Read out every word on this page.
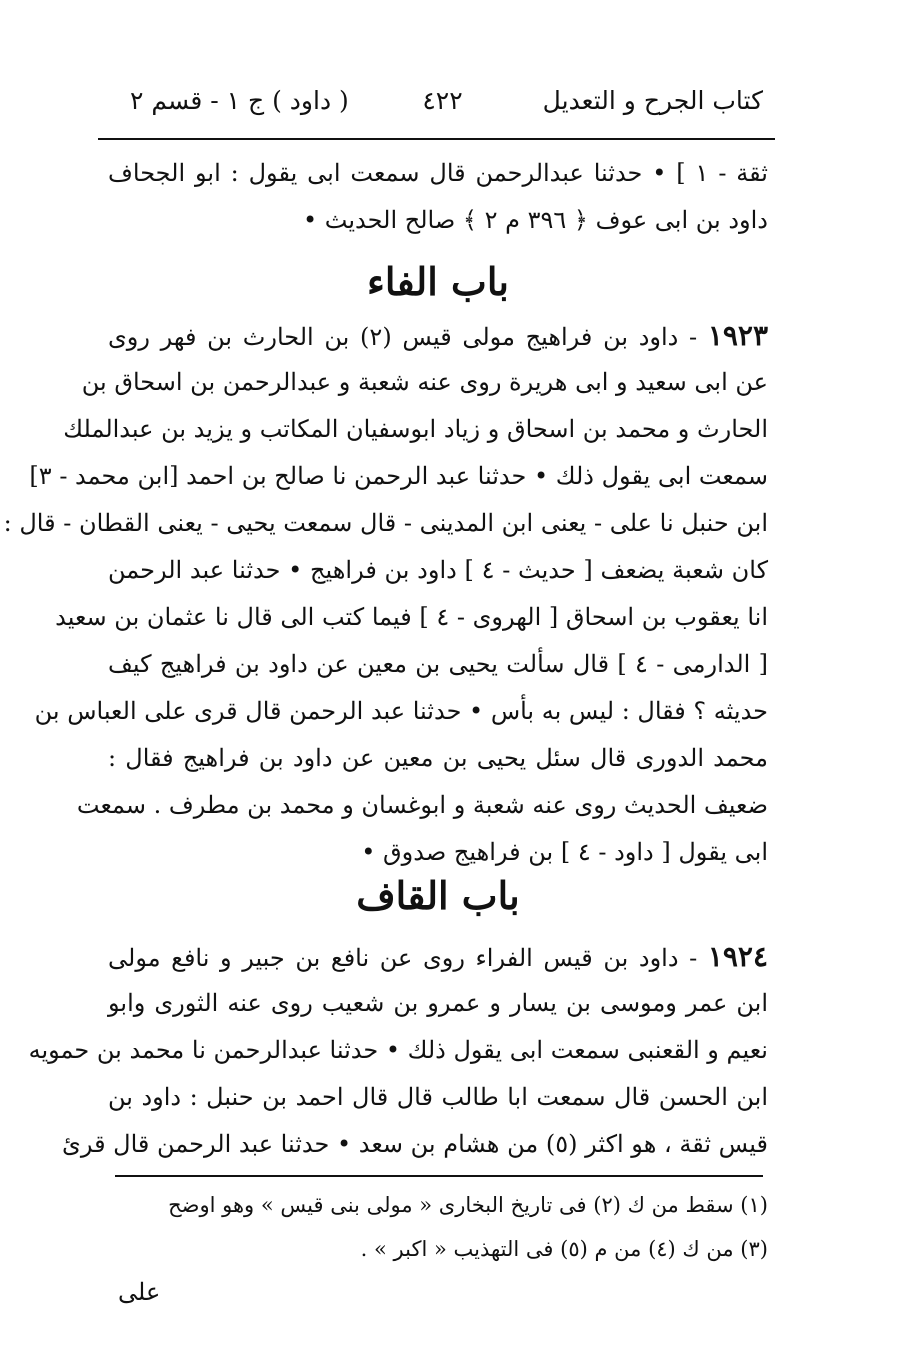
كتاب الجرح و التعديل
٤٢٢
( داود ) ج ١ - قسم ٢
ثقة - ١ ] • حدثنا عبدالرحمن قال سمعت ابى يقول : ابو الجحاف
داود بن ابى عوف ﴿ ٣٩٦ م ٢ ﴾ صالح الحديث •
باب الفاء
١٩٢٣ - داود بن فراهيج مولى قيس (٢) بن الحارث بن فهر روى
عن ابى سعيد و ابى هريرة روى عنه شعبة و عبدالرحمن بن اسحاق بن
الحارث و محمد بن اسحاق و زياد ابوسفيان المكاتب و يزيد بن عبدالملك
سمعت ابى يقول ذلك • حدثنا عبد الرحمن نا صالح بن احمد [ابن محمد - ٣]
ابن حنبل نا على - يعنى ابن المدينى - قال سمعت يحيى - يعنى القطان - قال :
كان شعبة يضعف [ حديث - ٤ ] داود بن فراهيج • حدثنا عبد الرحمن
انا يعقوب بن اسحاق [ الهروى - ٤ ] فيما كتب الى قال نا عثمان بن سعيد
[ الدارمى - ٤ ] قال سألت يحيى بن معين عن داود بن فراهيج كيف
حديثه ؟ فقال : ليس به بأس • حدثنا عبد الرحمن قال قرى على العباس بن
محمد الدورى قال سئل يحيى بن معين عن داود بن فراهيج فقال :
ضعيف الحديث روى عنه شعبة و ابوغسان و محمد بن مطرف . سمعت
ابى يقول [ داود - ٤ ] بن فراهيج صدوق •
باب القاف
١٩٢٤ - داود بن قيس الفراء روى عن نافع بن جبير و نافع مولى
ابن عمر وموسى بن يسار و عمرو بن شعيب روى عنه الثورى وابو
نعيم و القعنبى سمعت ابى يقول ذلك • حدثنا عبدالرحمن نا محمد بن حمويه
ابن الحسن قال سمعت ابا طالب قال قال احمد بن حنبل : داود بن
قيس ثقة ، هو اكثر (٥) من هشام بن سعد • حدثنا عبد الرحمن قال قرئ
(١) سقط من ك (٢) فى تاريخ البخارى « مولى بنى قيس » وهو اوضح
(٣) من ك (٤) من م (٥) فى التهذيب « اكبر » .
على
